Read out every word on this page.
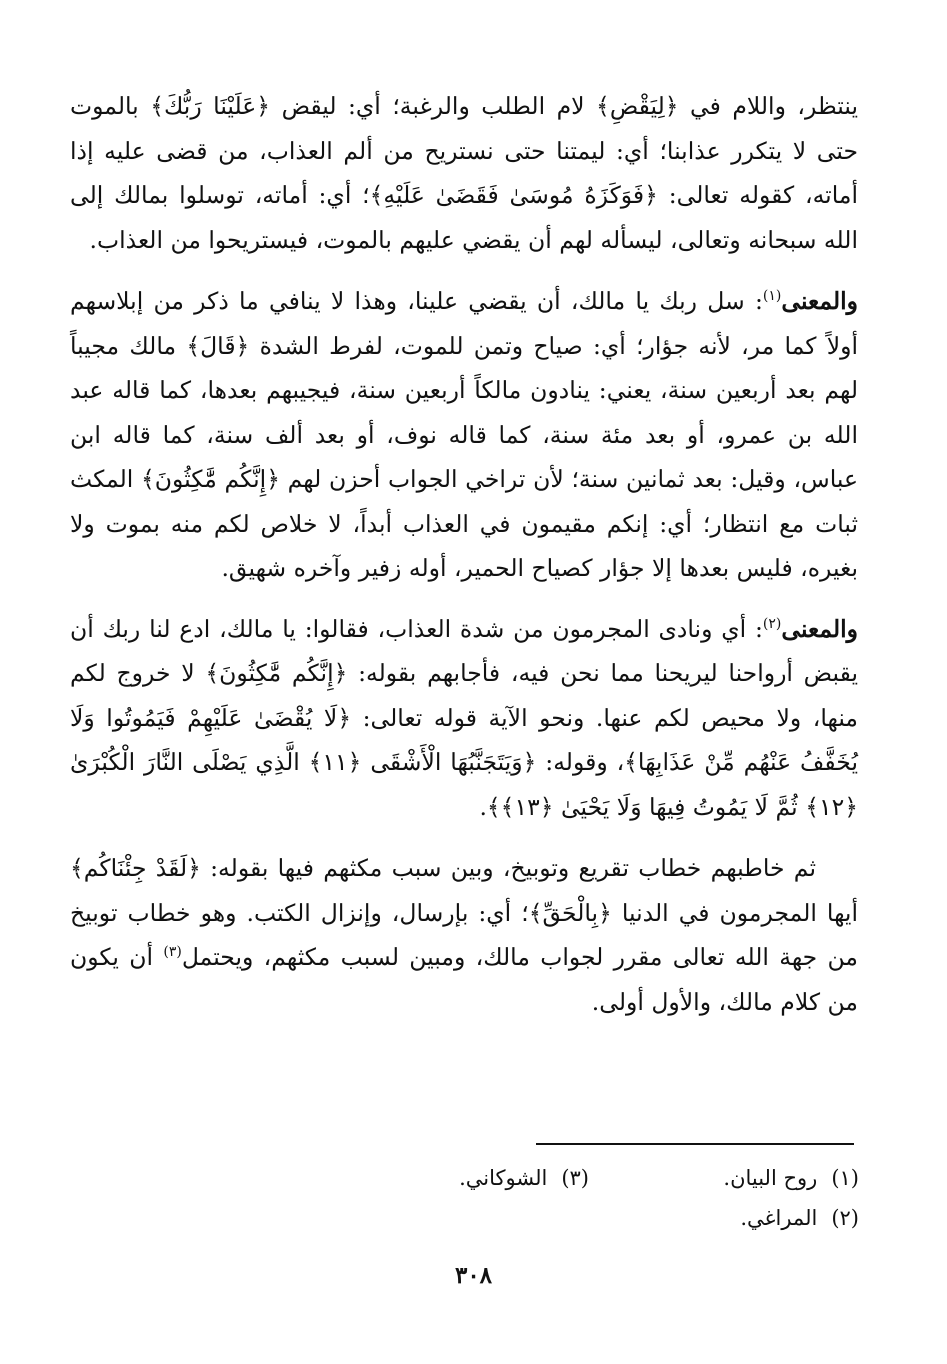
ينتظر، واللام في ﴿لِيَقْضِ﴾ لام الطلب والرغبة؛ أي: ليقض ﴿عَلَيْنَا رَبُّكَ﴾ بالموت حتى لا يتكرر عذابنا؛ أي: ليمتنا حتى نستريح من ألم العذاب، من قضى عليه إذا أماته، كقوله تعالى: ﴿فَوَكَزَهُ مُوسَىٰ فَقَضَىٰ عَلَيْهِ﴾؛ أي: أماته، توسلوا بمالك إلى الله سبحانه وتعالى، ليسأله لهم أن يقضي عليهم بالموت، فيستريحوا من العذاب.

والمعنى$^{(١)}$: سل ربك يا مالك، أن يقضي علينا، وهذا لا ينافي ما ذكر من إبلاسهم أولاً كما مر، لأنه جؤار؛ أي: صياح وتمن للموت، لفرط الشدة ﴿قَالَ﴾ مالك مجيباً لهم بعد أربعين سنة، يعني: ينادون مالكاً أربعين سنة، فيجيبهم بعدها، كما قاله عبد الله بن عمرو، أو بعد مئة سنة، كما قاله نوف، أو بعد ألف سنة، كما قاله ابن عباس، وقيل: بعد ثمانين سنة؛ لأن تراخي الجواب أحزن لهم ﴿إِنَّكُم مَّٰكِثُونَ﴾ المكث ثبات مع انتظار؛ أي: إنكم مقيمون في العذاب أبداً، لا خلاص لكم منه بموت ولا بغيره، فليس بعدها إلا جؤار كصياح الحمير، أوله زفير وآخره شهيق.

والمعنى$^{(٢)}$: أي ونادى المجرمون من شدة العذاب، فقالوا: يا مالك، ادع لنا ربك أن يقبض أرواحنا ليريحنا مما نحن فيه، فأجابهم بقوله: ﴿إِنَّكُم مَّٰكِثُونَ﴾ لا خروج لكم منها، ولا محيص لكم عنها. ونحو الآية قوله تعالى: ﴿لَا يُقْضَىٰ عَلَيْهِمْ فَيَمُوتُوا وَلَا يُخَفَّفُ عَنْهُم مِّنْ عَذَابِهَا﴾، وقوله: ﴿وَيَتَجَنَّبُهَا الْأَشْقَى ﴿١١﴾ الَّذِي يَصْلَى النَّارَ الْكُبْرَىٰ ﴿١٢﴾ ثُمَّ لَا يَمُوتُ فِيهَا وَلَا يَحْيَىٰ ﴿١٣﴾﴾.

ثم خاطبهم خطاب تقريع وتوبيخ، وبين سبب مكثهم فيها بقوله: ﴿لَقَدْ جِئْنَاكُم﴾ أيها المجرمون في الدنيا ﴿بِالْحَقِّ﴾؛ أي: بإرسال، وإنزال الكتب. وهو خطاب توبيخ من جهة الله تعالى مقرر لجواب مالك، ومبين لسبب مكثهم، ويحتمل$^{(٣)}$ أن يكون من كلام مالك، والأول أولى.

(١)روح البيان.
(٣)الشوكاني.
(٢)المراغي.
٣٠٨
